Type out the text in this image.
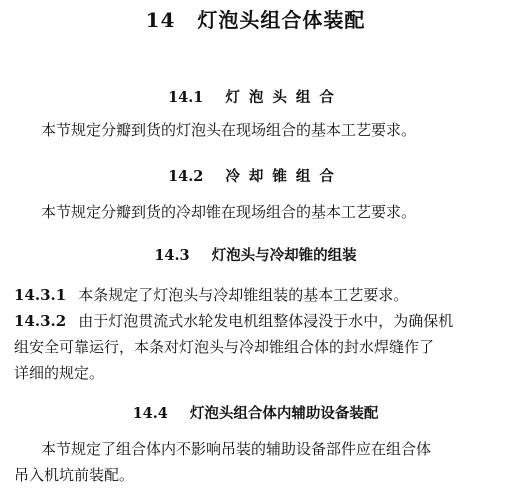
14 灯泡头组合体装配
14.1 灯泡头组合
本节规定分瓣到货的灯泡头在现场组合的基本工艺要求。
14.2 冷却锥组合
本节规定分瓣到货的冷却锥在现场组合的基本工艺要求。
14.3 灯泡头与冷却锥的组装
14.3.1 本条规定了灯泡头与冷却锥组装的基本工艺要求。
14.3.2 由于灯泡贯流式水轮发电机组整体浸没于水中，为确保机
组安全可靠运行，本条对灯泡头与冷却锥组合体的封水焊缝作了
详细的规定。
14.4 灯泡头组合体内辅助设备装配
本节规定了组合体内不影响吊装的辅助设备部件应在组合体
吊入机坑前装配。
